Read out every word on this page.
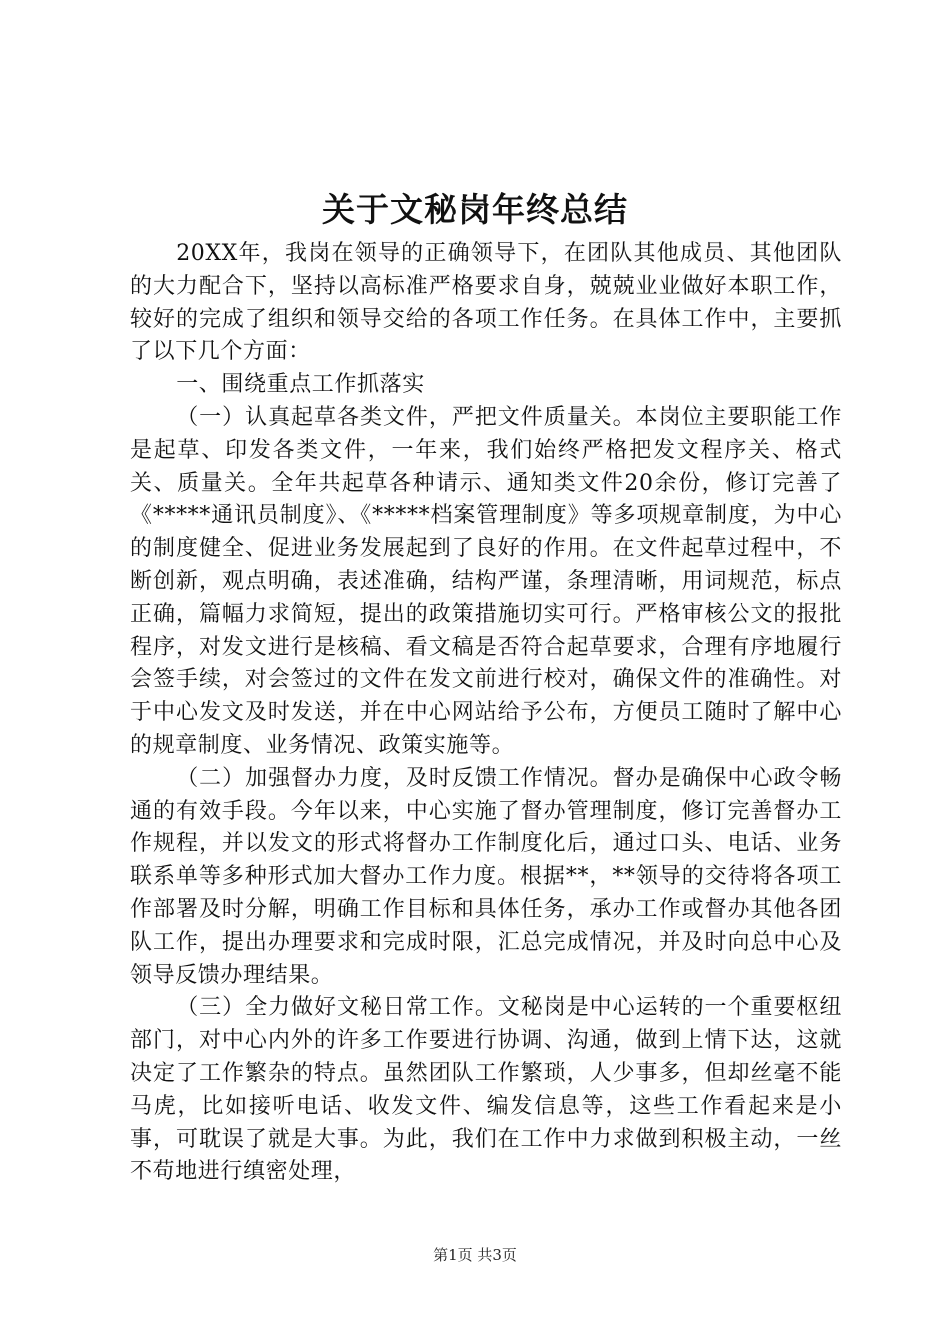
关于文秘岗年终总结

20XX年，我岗在领导的正确领导下，在团队其他成员、其他团队的大力配合下，坚持以高标准严格要求自身，兢兢业业做好本职工作，较好的完成了组织和领导交给的各项工作任务。在具体工作中，主要抓了以下几个方面：

一、围绕重点工作抓落实

（一）认真起草各类文件，严把文件质量关。本岗位主要职能工作是起草、印发各类文件，一年来，我们始终严格把发文程序关、格式关、质量关。全年共起草各种请示、通知类文件20余份，修订完善了《*****通讯员制度》、《*****档案管理制度》等多项规章制度，为中心的制度健全、促进业务发展起到了良好的作用。在文件起草过程中，不断创新，观点明确，表述准确，结构严谨，条理清晰，用词规范，标点正确，篇幅力求简短，提出的政策措施切实可行。严格审核公文的报批程序，对发文进行是核稿、看文稿是否符合起草要求，合理有序地履行会签手续，对会签过的文件在发文前进行校对，确保文件的准确性。对于中心发文及时发送，并在中心网站给予公布，方便员工随时了解中心的规章制度、业务情况、政策实施等。

（二）加强督办力度，及时反馈工作情况。督办是确保中心政令畅通的有效手段。今年以来，中心实施了督办管理制度，修订完善督办工作规程，并以发文的形式将督办工作制度化后，通过口头、电话、业务联系单等多种形式加大督办工作力度。根据**，**领导的交待将各项工作部署及时分解，明确工作目标和具体任务，承办工作或督办其他各团队工作，提出办理要求和完成时限，汇总完成情况，并及时向总中心及领导反馈办理结果。

（三）全力做好文秘日常工作。文秘岗是中心运转的一个重要枢纽部门，对中心内外的许多工作要进行协调、沟通，做到上情下达，这就决定了工作繁杂的特点。虽然团队工作繁琐，人少事多，但却丝毫不能马虎，比如接听电话、收发文件、编发信息等，这些工作看起来是小事，可耽误了就是大事。为此，我们在工作中力求做到积极主动，一丝不苟地进行缜密处理，

第1页 共3页
